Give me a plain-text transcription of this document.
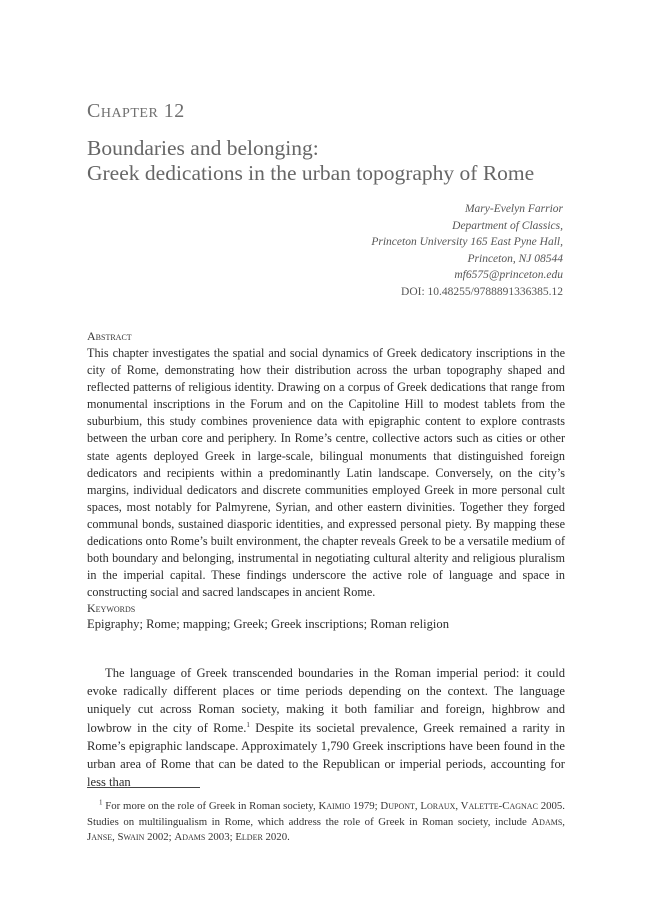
Chapter 12
Boundaries and belonging:
Greek dedications in the urban topography of Rome
Mary-Evelyn Farrior
Department of Classics,
Princeton University 165 East Pyne Hall,
Princeton, NJ 08544
mf6575@princeton.edu
DOI: 10.48255/9788891336385.12
Abstract
This chapter investigates the spatial and social dynamics of Greek dedicatory inscriptions in the city of Rome, demonstrating how their distribution across the urban topography shaped and reflected patterns of religious identity. Drawing on a corpus of Greek dedications that range from monumental inscriptions in the Forum and on the Capitoline Hill to modest tablets from the suburbium, this study combines provenience data with epigraphic content to explore contrasts between the urban core and periphery. In Rome’s centre, collective actors such as cities or other state agents deployed Greek in large-scale, bilingual monuments that distinguished foreign dedicators and recipients within a predominantly Latin landscape. Conversely, on the city’s margins, individual dedicators and discrete communities employed Greek in more personal cult spaces, most notably for Palmyrene, Syrian, and other eastern divinities. Together they forged communal bonds, sustained diasporic identities, and expressed personal piety. By mapping these dedications onto Rome’s built environment, the chapter reveals Greek to be a versatile medium of both boundary and belonging, instrumental in negotiating cultural alterity and religious pluralism in the imperial capital. These findings underscore the active role of language and space in constructing social and sacred landscapes in ancient Rome.
Keywords
Epigraphy; Rome; mapping; Greek; Greek inscriptions; Roman religion
The language of Greek transcended boundaries in the Roman imperial period: it could evoke radically different places or time periods depending on the context. The language uniquely cut across Roman society, making it both familiar and foreign, highbrow and lowbrow in the city of Rome.$^1$ Despite its societal prevalence, Greek remained a rarity in Rome’s epigraphic landscape. Approximately 1,790 Greek inscriptions have been found in the urban area of Rome that can be dated to the Republican or imperial periods, accounting for less than
$^1$ For more on the role of Greek in Roman society, Kaimio 1979; Dupont, Loraux, Valette-Cagnac 2005. Studies on multilingualism in Rome, which address the role of Greek in Roman society, include Adams, Janse, Swain 2002; Adams 2003; Elder 2020.
